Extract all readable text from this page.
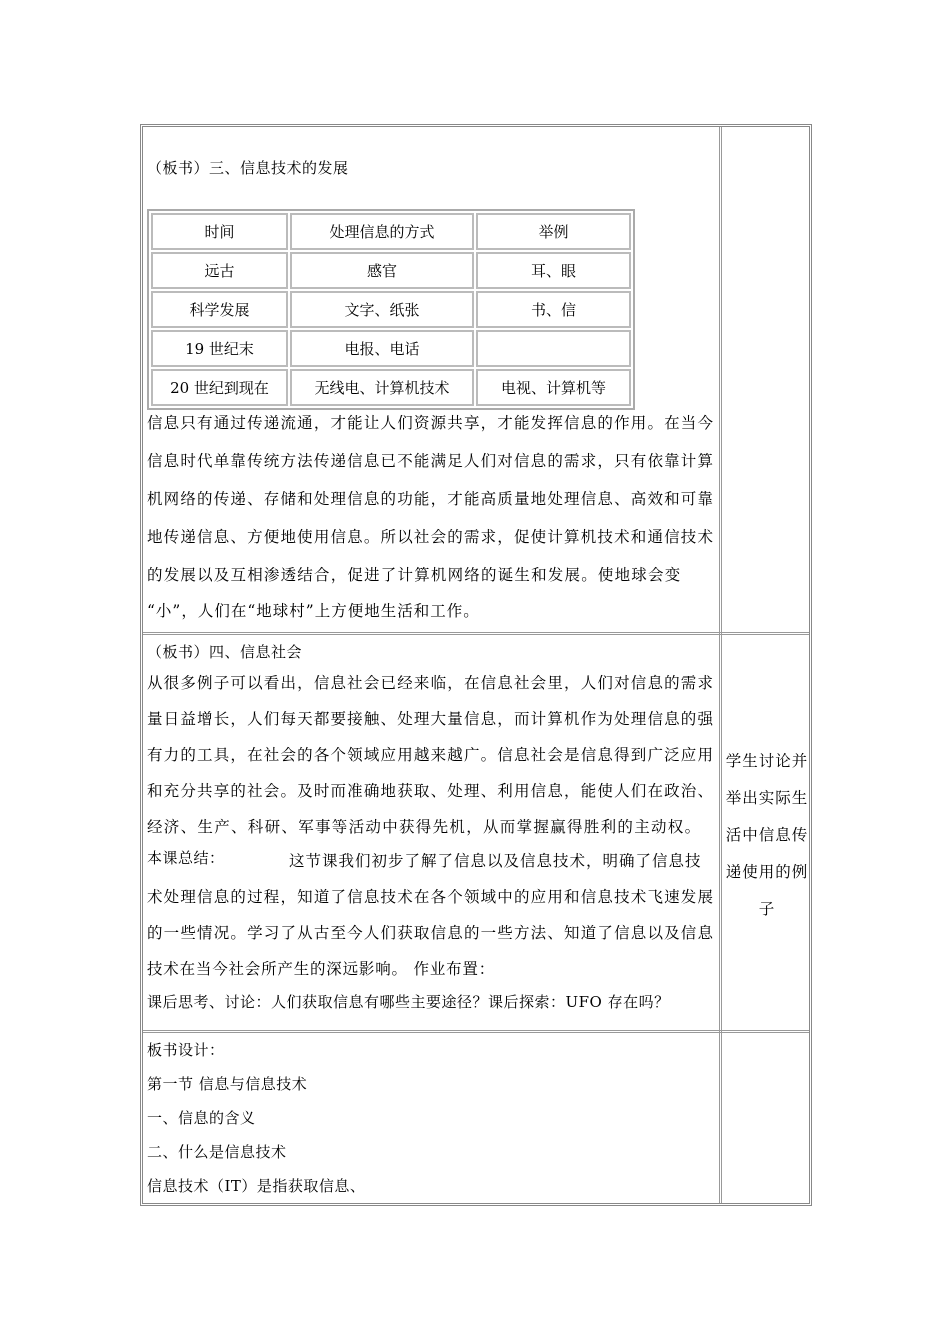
（板书）三、信息技术的发展
时间	处理信息的方式	举例
远古	感官	耳、眼
科学发展	文字、纸张	书、信
19 世纪末	电报、电话	
20 世纪到现在	无线电、计算机技术	电视、计算机等
信息只有通过传递流通，才能让人们资源共享，才能发挥信息的作用。在当今
信息时代单靠传统方法传递信息已不能满足人们对信息的需求，只有依靠计算
机网络的传递、存储和处理信息的功能，才能高质量地处理信息、高效和可靠
地传递信息、方便地使用信息。所以社会的需求，促使计算机技术和通信技术
的发展以及互相渗透结合，促进了计算机网络的诞生和发展。使地球会变
“小”，人们在“地球村”上方便地生活和工作。
（板书）四、信息社会
从很多例子可以看出，信息社会已经来临，在信息社会里，人们对信息的需求
量日益增长，人们每天都要接触、处理大量信息，而计算机作为处理信息的强
有力的工具，在社会的各个领域应用越来越广。信息社会是信息得到广泛应用
和充分共享的社会。及时而准确地获取、处理、利用信息，能使人们在政治、
经济、生产、科研、军事等活动中获得先机，从而掌握赢得胜利的主动权。
本课总结：	这节课我们初步了解了信息以及信息技术，明确了信息技
术处理信息的过程，知道了信息技术在各个领域中的应用和信息技术飞速发展
的一些情况。学习了从古至今人们获取信息的一些方法、知道了信息以及信息
技术在当今社会所产生的深远影响。 作业布置：
课后思考、讨论：人们获取信息有哪些主要途径？课后探索：UFO 存在吗？
学生讨论并
举出实际生
活中信息传
递使用的例
子
板书设计：
第一节 信息与信息技术
一、信息的含义
二、什么是信息技术
信息技术（IT）是指获取信息、
